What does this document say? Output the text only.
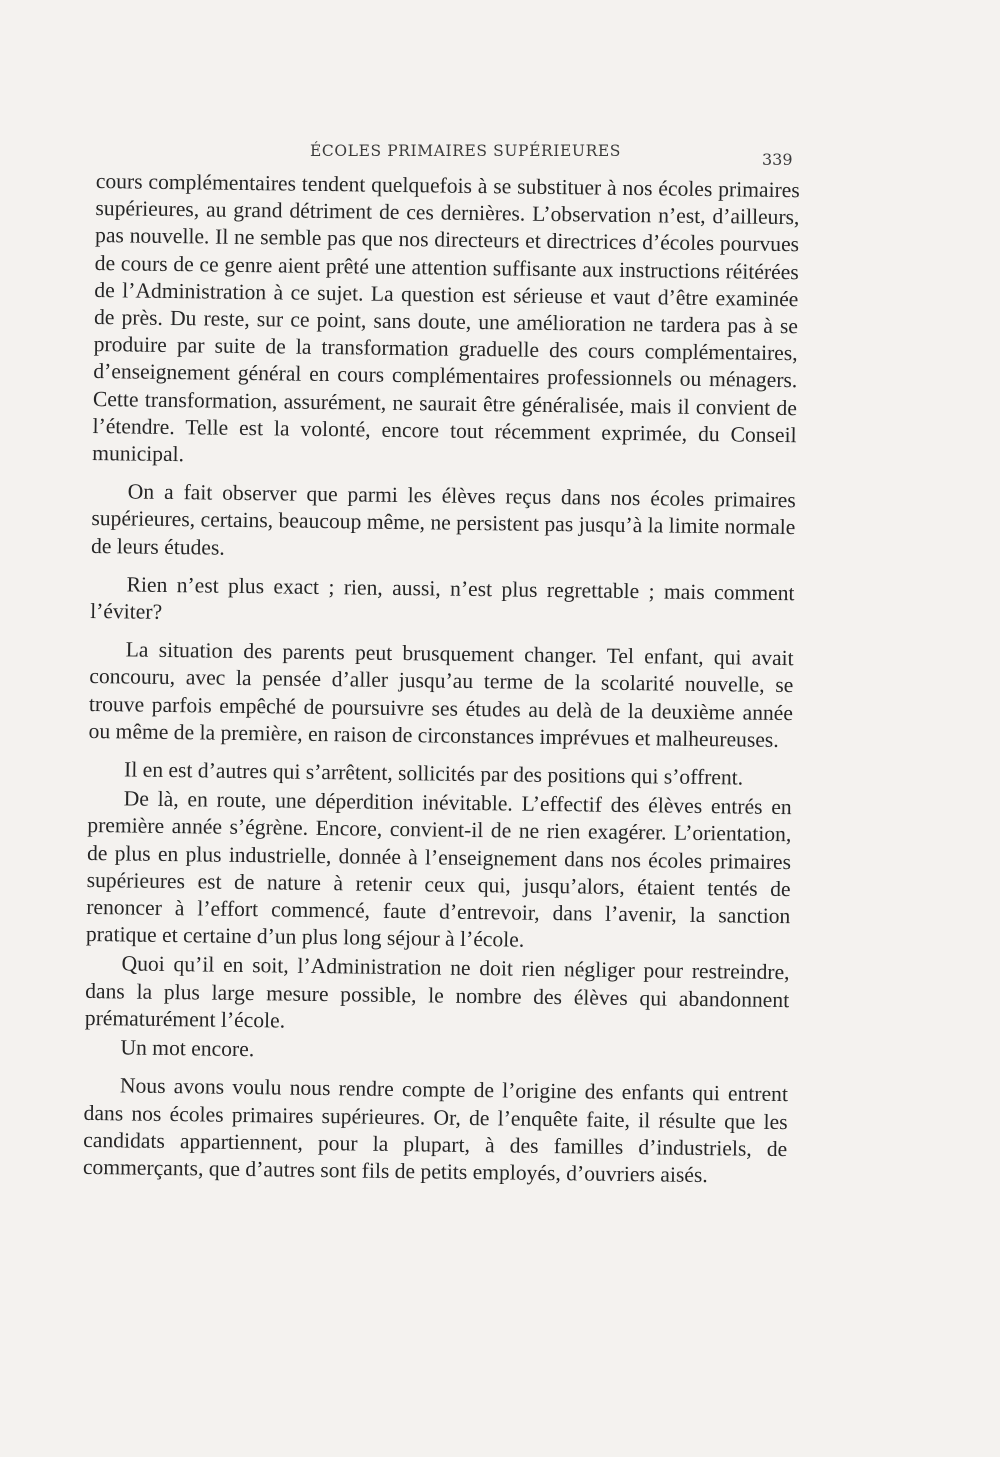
ÉCOLES PRIMAIRES SUPÉRIEURES	339

cours complémentaires tendent quelquefois à se substituer à nos écoles primaires supérieures, au grand détriment de ces dernières. L’observation n’est, d’ailleurs, pas nouvelle. Il ne semble pas que nos directeurs et directrices d’écoles pourvues de cours de ce genre aient prêté une attention suffisante aux instructions réitérées de l’Administration à ce sujet. La question est sérieuse et vaut d’être examinée de près. Du reste, sur ce point, sans doute, une amélioration ne tardera pas à se produire par suite de la transformation graduelle des cours complémentaires, d’enseignement général en cours complémentaires professionnels ou ménagers. Cette transformation, assurément, ne saurait être généralisée, mais il convient de l’étendre. Telle est la volonté, encore tout récemment exprimée, du Conseil municipal.

On a fait observer que parmi les élèves reçus dans nos écoles primaires supérieures, certains, beaucoup même, ne persistent pas jusqu’à la limite normale de leurs études.

Rien n’est plus exact ; rien, aussi, n’est plus regrettable ; mais comment l’éviter?

La situation des parents peut brusquement changer. Tel enfant, qui avait concouru, avec la pensée d’aller jusqu’au terme de la scolarité nouvelle, se trouve parfois empêché de poursuivre ses études au delà de la deuxième année ou même de la première, en raison de circonstances imprévues et malheureuses.

Il en est d’autres qui s’arrêtent, sollicités par des positions qui s’offrent.

De là, en route, une déperdition inévitable. L’effectif des élèves entrés en première année s’égrène. Encore, convient-il de ne rien exagérer. L’orientation, de plus en plus industrielle, donnée à l’enseignement dans nos écoles primaires supérieures est de nature à retenir ceux qui, jusqu’alors, étaient tentés de renoncer à l’effort commencé, faute d’entrevoir, dans l’avenir, la sanction pratique et certaine d’un plus long séjour à l’école.

Quoi qu’il en soit, l’Administration ne doit rien négliger pour restreindre, dans la plus large mesure possible, le nombre des élèves qui abandonnent prématurément l’école.

Un mot encore.

Nous avons voulu nous rendre compte de l’origine des enfants qui entrent dans nos écoles primaires supérieures. Or, de l’enquête faite, il résulte que les candidats appartiennent, pour la plupart, à des familles d’industriels, de commerçants, que d’autres sont fils de petits employés, d’ouvriers aisés.
